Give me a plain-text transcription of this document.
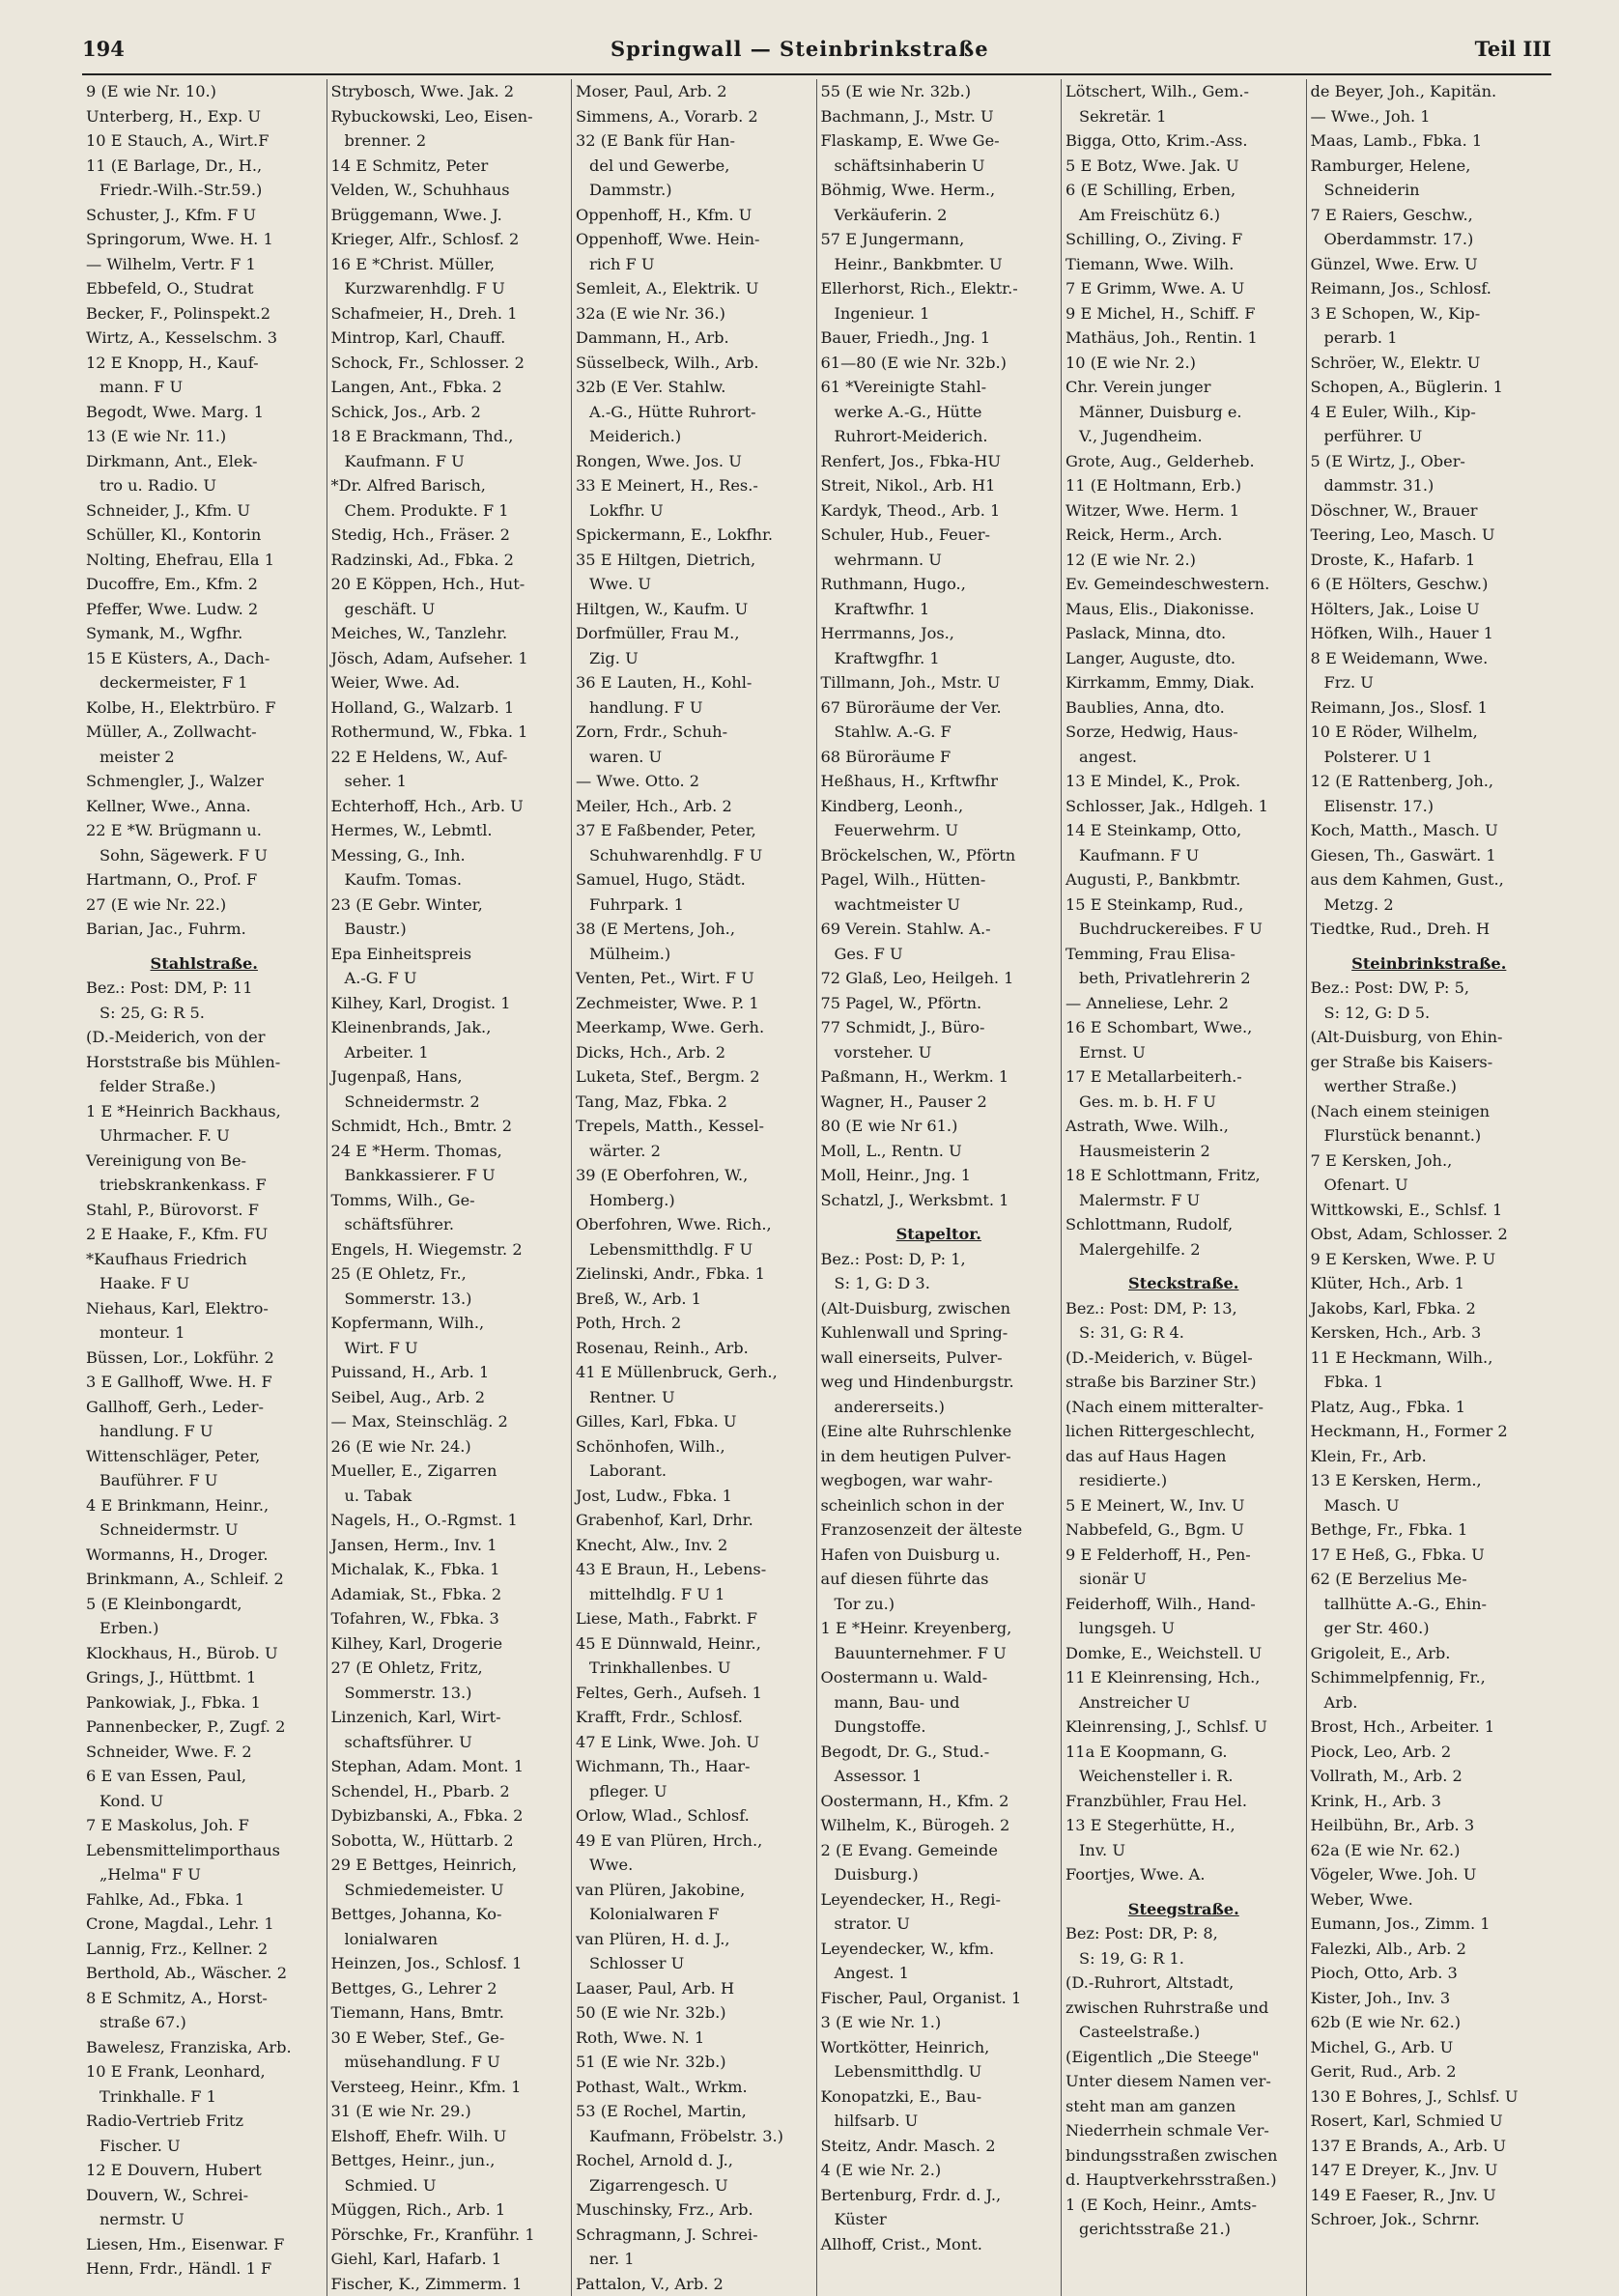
194	Springwall — Steinbrinkstraße	Teil III
9 (E wie Nr. 10.)
Unterberg, H., Exp. U
10 E Stauch, A., Wirt.F
11 (E Barlage, Dr., H.,
Friedr.-Wilh.-Str.59.)
Schuster, J., Kfm. F U
Springorum, Wwe. H. 1
— Wilhelm, Vertr. F 1
Ebbefeld, O., Studrat
Becker, F., Polinspekt.2
Wirtz, A., Kesselschm. 3
12 E Knopp, H., Kauf-
mann. F U
Begodt, Wwe. Marg. 1
13 (E wie Nr. 11.)
Dirkmann, Ant., Elek-
tro u. Radio. U
Schneider, J., Kfm. U
Schüller, Kl., Kontorin
Nolting, Ehefrau, Ella 1
Ducoffre, Em., Kfm. 2
Pfeffer, Wwe. Ludw. 2
Symank, M., Wgfhr.
15 E Küsters, A., Dach-
deckermeister, F 1
Kolbe, H., Elektrbüro. F
Müller, A., Zollwacht-
meister 2
Schmengler, J., Walzer
Kellner, Wwe., Anna.
22 E *W. Brügmann u.
Sohn, Sägewerk. F U
Hartmann, O., Prof. F
27 (E wie Nr. 22.)
Barian, Jac., Fuhrm.
Stahlstraße.
Bez.: Post: DM, P: 11
S: 25, G: R 5.
(D.-Meiderich, von der
Horststraße bis Mühlen-
felder Straße.)
1 E *Heinrich Backhaus,
Uhrmacher. F. U
Vereinigung von Be-
triebskrankenkass. F
Stahl, P., Bürovorst. F
2 E Haake, F., Kfm. FU
*Kaufhaus Friedrich
Haake. F U
Niehaus, Karl, Elektro-
monteur. 1
Büssen, Lor., Lokführ. 2
3 E Gallhoff, Wwe. H. F
Gallhoff, Gerh., Leder-
handlung. F U
Wittenschläger, Peter,
Bauführer. F U
4 E Brinkmann, Heinr.,
Schneidermstr. U
Wormanns, H., Droger.
Brinkmann, A., Schleif. 2
5 (E Kleinbongardt,
Erben.)
Klockhaus, H., Bürob. U
Grings, J., Hüttbmt. 1
Pankowiak, J., Fbka. 1
Pannenbecker, P., Zugf. 2
Schneider, Wwe. F. 2
6 E van Essen, Paul,
Kond. U
7 E Maskolus, Joh. F
Lebensmittelimporthaus
„Helma" F U
Fahlke, Ad., Fbka. 1
Crone, Magdal., Lehr. 1
Lannig, Frz., Kellner. 2
Berthold, Ab., Wäscher. 2
8 E Schmitz, A., Horst-
straße 67.)
Bawelesz, Franziska, Arb.
10 E Frank, Leonhard,
Trinkhalle. F 1
Radio-Vertrieb Fritz
Fischer. U
12 E Douvern, Hubert
Douvern, W., Schrei-
nermstr. U
Liesen, Hm., Eisenwar. F
Henn, Frdr., Händl. 1 F
Strybosch, Wwe. Jak. 2
Rybuckowski, Leo, Eisen-
brenner. 2
14 E Schmitz, Peter
Velden, W., Schuhhaus
Brüggemann, Wwe. J.
Krieger, Alfr., Schlosf. 2
16 E *Christ. Müller,
Kurzwarenhdlg. F U
Schafmeier, H., Dreh. 1
Mintrop, Karl, Chauff.
Schock, Fr., Schlosser. 2
Langen, Ant., Fbka. 2
Schick, Jos., Arb. 2
18 E Brackmann, Thd.,
Kaufmann. F U
*Dr. Alfred Barisch,
Chem. Produkte. F 1
Stedig, Hch., Fräser. 2
Radzinski, Ad., Fbka. 2
20 E Köppen, Hch., Hut-
geschäft. U
Meiches, W., Tanzlehr.
Jösch, Adam, Aufseher. 1
Weier, Wwe. Ad.
Holland, G., Walzarb. 1
Rothermund, W., Fbka. 1
22 E Heldens, W., Auf-
seher. 1
Echterhoff, Hch., Arb. U
Hermes, W., Lebmtl.
Messing, G., Inh.
Kaufm. Tomas.
23 (E Gebr. Winter,
Baustr.)
Epa Einheitspreis
A.-G. F U
Kilhey, Karl, Drogist. 1
Kleinenbrands, Jak.,
Arbeiter. 1
Jugenpaß, Hans,
Schneidermstr. 2
Schmidt, Hch., Bmtr. 2
24 E *Herm. Thomas,
Bankkassierer. F U
Tomms, Wilh., Ge-
schäftsführer.
Engels, H. Wiegemstr. 2
25 (E Ohletz, Fr.,
Sommerstr. 13.)
Kopfermann, Wilh.,
Wirt. F U
Puissand, H., Arb. 1
Seibel, Aug., Arb. 2
— Max, Steinschläg. 2
26 (E wie Nr. 24.)
Mueller, E., Zigarren
u. Tabak
Nagels, H., O.-Rgmst. 1
Jansen, Herm., Inv. 1
Michalak, K., Fbka. 1
Adamiak, St., Fbka. 2
Tofahren, W., Fbka. 3
Kilhey, Karl, Drogerie
27 (E Ohletz, Fritz,
Sommerstr. 13.)
Linzenich, Karl, Wirt-
schaftsführer. U
Stephan, Adam. Mont. 1
Schendel, H., Pbarb. 2
Dybizbanski, A., Fbka. 2
Sobotta, W., Hüttarb. 2
29 E Bettges, Heinrich,
Schmiedemeister. U
Bettges, Johanna, Ko-
lonialwaren
Heinzen, Jos., Schlosf. 1
Bettges, G., Lehrer 2
Tiemann, Hans, Bmtr.
30 E Weber, Stef., Ge-
müsehandlung. F U
Versteeg, Heinr., Kfm. 1
31 (E wie Nr. 29.)
Elshoff, Ehefr. Wilh. U
Bettges, Heinr., jun.,
Schmied. U
Müggen, Rich., Arb. 1
Pörschke, Fr., Kranführ. 1
Giehl, Karl, Hafarb. 1
Fischer, K., Zimmerm. 1
Moser, Paul, Arb. 2
Simmens, A., Vorarb. 2
32 (E Bank für Han-
del und Gewerbe,
Dammstr.)
Oppenhoff, H., Kfm. U
Oppenhoff, Wwe. Hein-
rich F U
Semleit, A., Elektrik. U
32a (E wie Nr. 36.)
Dammann, H., Arb.
Süsselbeck, Wilh., Arb.
32b (E Ver. Stahlw.
A.-G., Hütte Ruhrort-
Meiderich.)
Rongen, Wwe. Jos. U
33 E Meinert, H., Res.-
Lokfhr. U
Spickermann, E., Lokfhr.
35 E Hiltgen, Dietrich,
Wwe. U
Hiltgen, W., Kaufm. U
Dorfmüller, Frau M.,
Zig. U
36 E Lauten, H., Kohl-
handlung. F U
Zorn, Frdr., Schuh-
waren. U
— Wwe. Otto. 2
Meiler, Hch., Arb. 2
37 E Faßbender, Peter,
Schuhwarenhdlg. F U
Samuel, Hugo, Städt.
Fuhrpark. 1
38 (E Mertens, Joh.,
Mülheim.)
Venten, Pet., Wirt. F U
Zechmeister, Wwe. P. 1
Meerkamp, Wwe. Gerh.
Dicks, Hch., Arb. 2
Luketa, Stef., Bergm. 2
Tang, Maz, Fbka. 2
Trepels, Matth., Kessel-
wärter. 2
39 (E Oberfohren, W.,
Homberg.)
Oberfohren, Wwe. Rich.,
Lebensmitthdlg. F U
Zielinski, Andr., Fbka. 1
Breß, W., Arb. 1
Poth, Hrch. 2
Rosenau, Reinh., Arb.
41 E Müllenbruck, Gerh.,
Rentner. U
Gilles, Karl, Fbka. U
Schönhofen, Wilh.,
Laborant.
Jost, Ludw., Fbka. 1
Grabenhof, Karl, Drhr.
Knecht, Alw., Inv. 2
43 E Braun, H., Lebens-
mittelhdlg. F U 1
Liese, Math., Fabrkt. F
45 E Dünnwald, Heinr.,
Trinkhallenbes. U
Feltes, Gerh., Aufseh. 1
Krafft, Frdr., Schlosf.
47 E Link, Wwe. Joh. U
Wichmann, Th., Haar-
pfleger. U
Orlow, Wlad., Schlosf.
49 E van Plüren, Hrch.,
Wwe.
van Plüren, Jakobine,
Kolonialwaren F
van Plüren, H. d. J.,
Schlosser U
Laaser, Paul, Arb. H
50 (E wie Nr. 32b.)
Roth, Wwe. N. 1
51 (E wie Nr. 32b.)
Pothast, Walt., Wrkm.
53 (E Rochel, Martin,
Kaufmann, Fröbelstr. 3.)
Rochel, Arnold d. J.,
Zigarrengesch. U
Muschinsky, Frz., Arb.
Schragmann, J. Schrei-
ner. 1
Pattalon, V., Arb. 2
55 (E wie Nr. 32b.)
Bachmann, J., Mstr. U
Flaskamp, E. Wwe Ge-
schäftsinhaberin U
Böhmig, Wwe. Herm.,
Verkäuferin. 2
57 E Jungermann,
Heinr., Bankbmter. U
Ellerhorst, Rich., Elektr.-
Ingenieur. 1
Bauer, Friedh., Jng. 1
61—80 (E wie Nr. 32b.)
61 *Vereinigte Stahl-
werke A.-G., Hütte
Ruhrort-Meiderich.
Renfert, Jos., Fbka-HU
Streit, Nikol., Arb. H1
Kardyk, Theod., Arb. 1
Schuler, Hub., Feuer-
wehrmann. U
Ruthmann, Hugo.,
Kraftwfhr. 1
Herrmanns, Jos.,
Kraftwgfhr. 1
Tillmann, Joh., Mstr. U
67 Büroräume der Ver.
Stahlw. A.-G. F
68 Büroräume F
Heßhaus, H., Krftwfhr
Kindberg, Leonh.,
Feuerwehrm. U
Bröckelschen, W., Pförtn
Pagel, Wilh., Hütten-
wachtmeister U
69 Verein. Stahlw. A.-
Ges. F U
72 Glaß, Leo, Heilgeh. 1
75 Pagel, W., Pförtn.
77 Schmidt, J., Büro-
vorsteher. U
Paßmann, H., Werkm. 1
Wagner, H., Pauser 2
80 (E wie Nr 61.)
Moll, L., Rentn. U
Moll, Heinr., Jng. 1
Schatzl, J., Werksbmt. 1
Stapeltor.
Bez.: Post: D, P: 1,
S: 1, G: D 3.
(Alt-Duisburg, zwischen
Kuhlenwall und Spring-
wall einerseits, Pulver-
weg und Hindenburgstr.
andererseits.)
(Eine alte Ruhrschlenke
in dem heutigen Pulver-
wegbogen, war wahr-
scheinlich schon in der
Franzosenzeit der älteste
Hafen von Duisburg u.
auf diesen führte das
Tor zu.)
1 E *Heinr. Kreyenberg,
Bauunternehmer. F U
Oostermann u. Wald-
mann, Bau- und
Dungstoffe.
Begodt, Dr. G., Stud.-
Assessor. 1
Oostermann, H., Kfm. 2
Wilhelm, K., Bürogeh. 2
2 (E Evang. Gemeinde
Duisburg.)
Leyendecker, H., Regi-
strator. U
Leyendecker, W., kfm.
Angest. 1
Fischer, Paul, Organist. 1
3 (E wie Nr. 1.)
Wortkötter, Heinrich,
Lebensmitthdlg. U
Konopatzki, E., Bau-
hilfsarb. U
Steitz, Andr. Masch. 2
4 (E wie Nr. 2.)
Bertenburg, Frdr. d. J.,
Küster
Allhoff, Crist., Mont.
Lötschert, Wilh., Gem.-
Sekretär. 1
Bigga, Otto, Krim.-Ass.
5 E Botz, Wwe. Jak. U
6 (E Schilling, Erben,
Am Freischütz 6.)
Schilling, O., Ziving. F
Tiemann, Wwe. Wilh.
7 E Grimm, Wwe. A. U
9 E Michel, H., Schiff. F
Mathäus, Joh., Rentin. 1
10 (E wie Nr. 2.)
Chr. Verein junger
Männer, Duisburg e.
V., Jugendheim.
Grote, Aug., Gelderheb.
11 (E Holtmann, Erb.)
Witzer, Wwe. Herm. 1
Reick, Herm., Arch.
12 (E wie Nr. 2.)
Ev. Gemeindeschwestern.
Maus, Elis., Diakonisse.
Paslack, Minna, dto.
Langer, Auguste, dto.
Kirrkamm, Emmy, Diak.
Baublies, Anna, dto.
Sorze, Hedwig, Haus-
angest.
13 E Mindel, K., Prok.
Schlosser, Jak., Hdlgeh. 1
14 E Steinkamp, Otto,
Kaufmann. F U
Augusti, P., Bankbmtr.
15 E Steinkamp, Rud.,
Buchdruckereibes. F U
Temming, Frau Elisa-
beth, Privatlehrerin 2
— Anneliese, Lehr. 2
16 E Schombart, Wwe.,
Ernst. U
17 E Metallarbeiterh.-
Ges. m. b. H. F U
Astrath, Wwe. Wilh.,
Hausmeisterin 2
18 E Schlottmann, Fritz,
Malermstr. F U
Schlottmann, Rudolf,
Malergehilfe. 2
Steckstraße.
Bez.: Post: DM, P: 13,
S: 31, G: R 4.
(D.-Meiderich, v. Bügel-
straße bis Barziner Str.)
(Nach einem mitteralter-
lichen Rittergeschlecht,
das auf Haus Hagen
residierte.)
5 E Meinert, W., Inv. U
Nabbefeld, G., Bgm. U
9 E Felderhoff, H., Pen-
sionär U
Feiderhoff, Wilh., Hand-
lungsgeh. U
Domke, E., Weichstell. U
11 E Kleinrensing, Hch.,
Anstreicher U
Kleinrensing, J., Schlsf. U
11a E Koopmann, G.
Weichensteller i. R.
Franzbühler, Frau Hel.
13 E Stegerhütte, H.,
Inv. U
Foortjes, Wwe. A.
Steegstraße.
Bez: Post: DR, P: 8,
S: 19, G: R 1.
(D.-Ruhrort, Altstadt,
zwischen Ruhrstraße und
Casteelstraße.)
(Eigentlich „Die Steege"
Unter diesem Namen ver-
steht man am ganzen
Niederrhein schmale Ver-
bindungsstraßen zwischen
d. Hauptverkehrsstraßen.)
1 (E Koch, Heinr., Amts-
gerichtsstraße 21.)
de Beyer, Joh., Kapitän.
— Wwe., Joh. 1
Maas, Lamb., Fbka. 1
Ramburger, Helene,
Schneiderin
7 E Raiers, Geschw.,
Oberdammstr. 17.)
Günzel, Wwe. Erw. U
Reimann, Jos., Schlosf.
3 E Schopen, W., Kip-
perarb. 1
Schröer, W., Elektr. U
Schopen, A., Büglerin. 1
4 E Euler, Wilh., Kip-
perführer. U
5 (E Wirtz, J., Ober-
dammstr. 31.)
Döschner, W., Brauer
Teering, Leo, Masch. U
Droste, K., Hafarb. 1
6 (E Hölters, Geschw.)
Hölters, Jak., Loise U
Höfken, Wilh., Hauer 1
8 E Weidemann, Wwe.
Frz. U
Reimann, Jos., Slosf. 1
10 E Röder, Wilhelm,
Polsterer. U 1
12 (E Rattenberg, Joh.,
Elisenstr. 17.)
Koch, Matth., Masch. U
Giesen, Th., Gaswärt. 1
aus dem Kahmen, Gust.,
Metzg. 2
Tiedtke, Rud., Dreh. H
Steinbrinkstraße.
Bez.: Post: DW, P: 5,
S: 12, G: D 5.
(Alt-Duisburg, von Ehin-
ger Straße bis Kaisers-
werther Straße.)
(Nach einem steinigen
Flurstück benannt.)
7 E Kersken, Joh.,
Ofenart. U
Wittkowski, E., Schlsf. 1
Obst, Adam, Schlosser. 2
9 E Kersken, Wwe. P. U
Klüter, Hch., Arb. 1
Jakobs, Karl, Fbka. 2
Kersken, Hch., Arb. 3
11 E Heckmann, Wilh.,
Fbka. 1
Platz, Aug., Fbka. 1
Heckmann, H., Former 2
Klein, Fr., Arb.
13 E Kersken, Herm.,
Masch. U
Bethge, Fr., Fbka. 1
17 E Heß, G., Fbka. U
62 (E Berzelius Me-
tallhütte A.-G., Ehin-
ger Str. 460.)
Grigoleit, E., Arb.
Schimmelpfennig, Fr.,
Arb.
Brost, Hch., Arbeiter. 1
Piock, Leo, Arb. 2
Vollrath, M., Arb. 2
Krink, H., Arb. 3
Heilbühn, Br., Arb. 3
62a (E wie Nr. 62.)
Vögeler, Wwe. Joh. U
Weber, Wwe.
Eumann, Jos., Zimm. 1
Falezki, Alb., Arb. 2
Pioch, Otto, Arb. 3
Kister, Joh., Inv. 3
62b (E wie Nr. 62.)
Michel, G., Arb. U
Gerit, Rud., Arb. 2
130 E Bohres, J., Schlsf. U
Rosert, Karl, Schmied U
137 E Brands, A., Arb. U
147 E Dreyer, K., Jnv. U
149 E Faeser, R., Jnv. U
Schroer, Jok., Schrnr.
